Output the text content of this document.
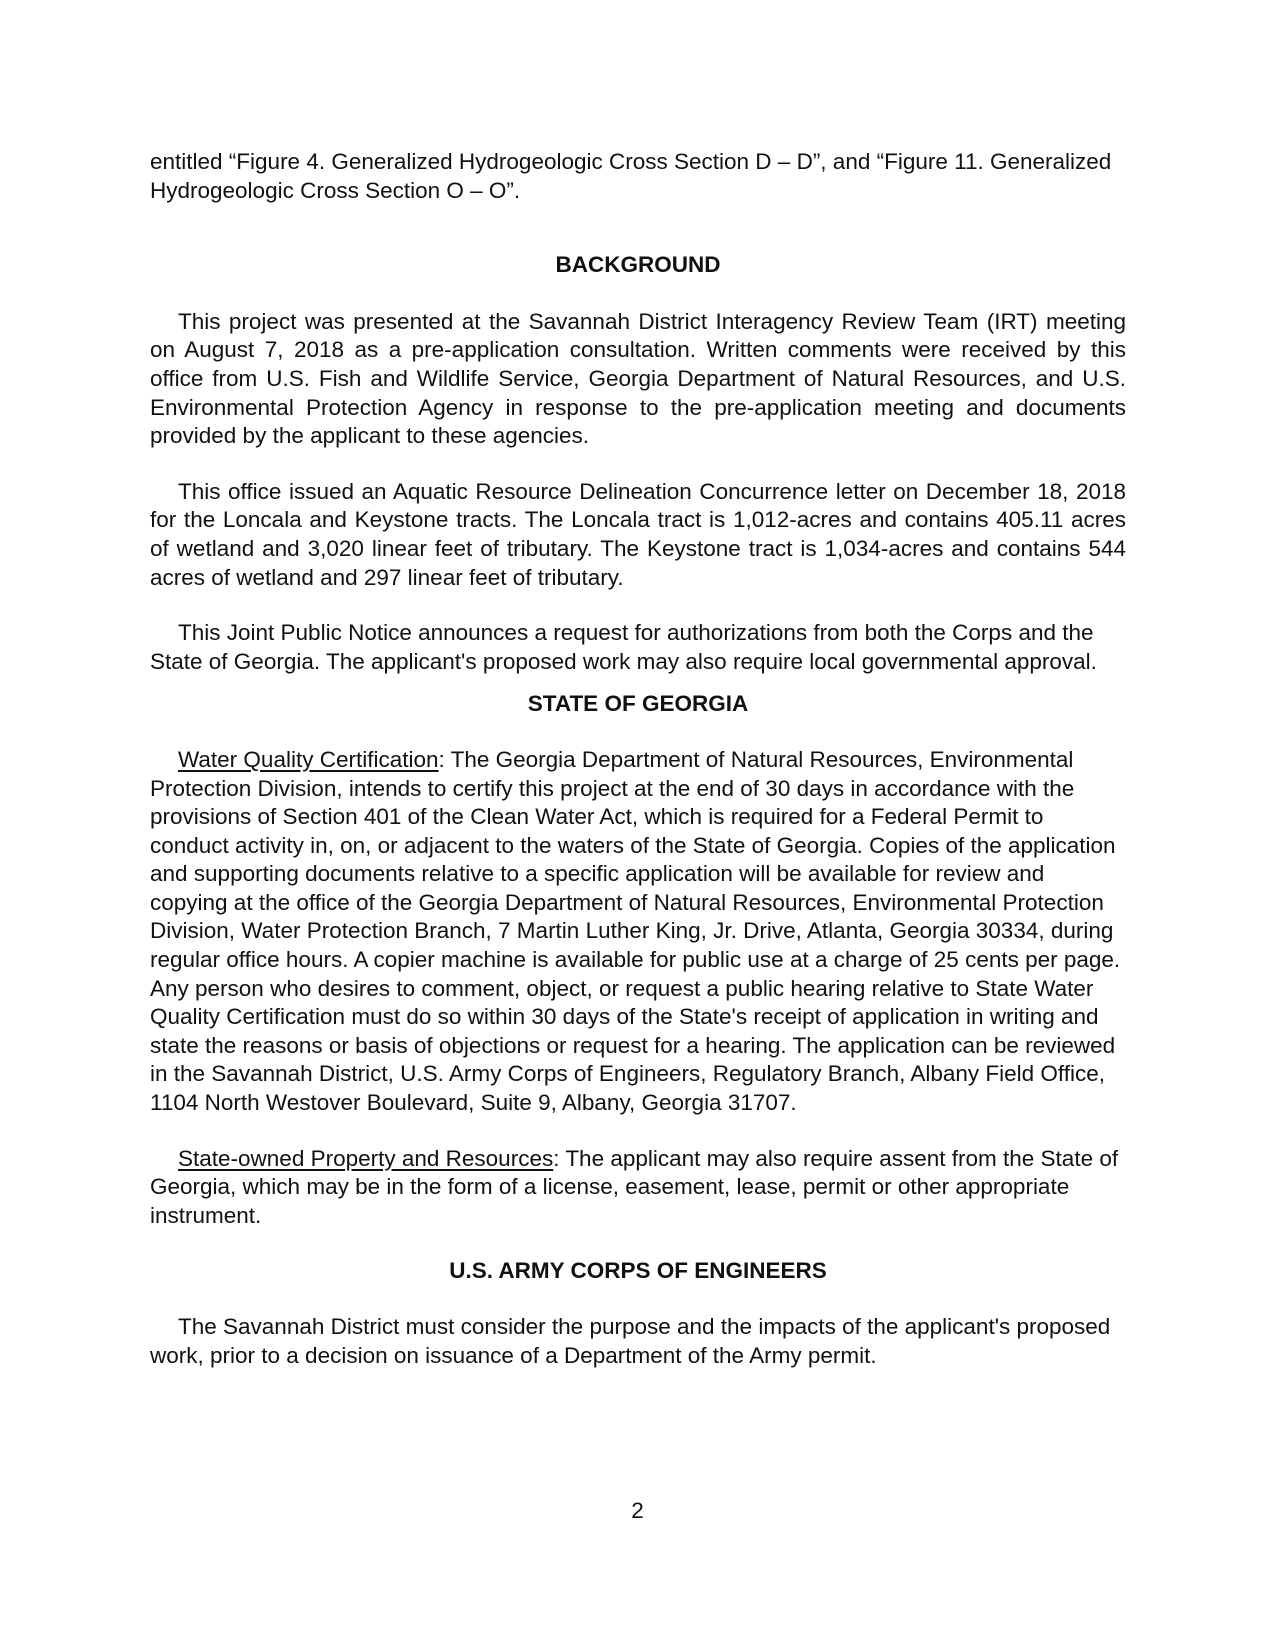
entitled “Figure 4. Generalized Hydrogeologic Cross Section D – D”, and “Figure 11. Generalized Hydrogeologic Cross Section O – O”.

BACKGROUND

This project was presented at the Savannah District Interagency Review Team (IRT) meeting on August 7, 2018 as a pre-application consultation. Written comments were received by this office from U.S. Fish and Wildlife Service, Georgia Department of Natural Resources, and U.S. Environmental Protection Agency in response to the pre-application meeting and documents provided by the applicant to these agencies.

This office issued an Aquatic Resource Delineation Concurrence letter on December 18, 2018 for the Loncala and Keystone tracts. The Loncala tract is 1,012-acres and contains 405.11 acres of wetland and 3,020 linear feet of tributary. The Keystone tract is 1,034-acres and contains 544 acres of wetland and 297 linear feet of tributary.

This Joint Public Notice announces a request for authorizations from both the Corps and the State of Georgia. The applicant's proposed work may also require local governmental approval.

STATE OF GEORGIA

Water Quality Certification: The Georgia Department of Natural Resources, Environmental Protection Division, intends to certify this project at the end of 30 days in accordance with the provisions of Section 401 of the Clean Water Act, which is required for a Federal Permit to conduct activity in, on, or adjacent to the waters of the State of Georgia. Copies of the application and supporting documents relative to a specific application will be available for review and copying at the office of the Georgia Department of Natural Resources, Environmental Protection Division, Water Protection Branch, 7 Martin Luther King, Jr. Drive, Atlanta, Georgia 30334, during regular office hours. A copier machine is available for public use at a charge of 25 cents per page. Any person who desires to comment, object, or request a public hearing relative to State Water Quality Certification must do so within 30 days of the State's receipt of application in writing and state the reasons or basis of objections or request for a hearing. The application can be reviewed in the Savannah District, U.S. Army Corps of Engineers, Regulatory Branch, Albany Field Office, 1104 North Westover Boulevard, Suite 9, Albany, Georgia 31707.

State-owned Property and Resources: The applicant may also require assent from the State of Georgia, which may be in the form of a license, easement, lease, permit or other appropriate instrument.

U.S. ARMY CORPS OF ENGINEERS

The Savannah District must consider the purpose and the impacts of the applicant's proposed work, prior to a decision on issuance of a Department of the Army permit.

2
